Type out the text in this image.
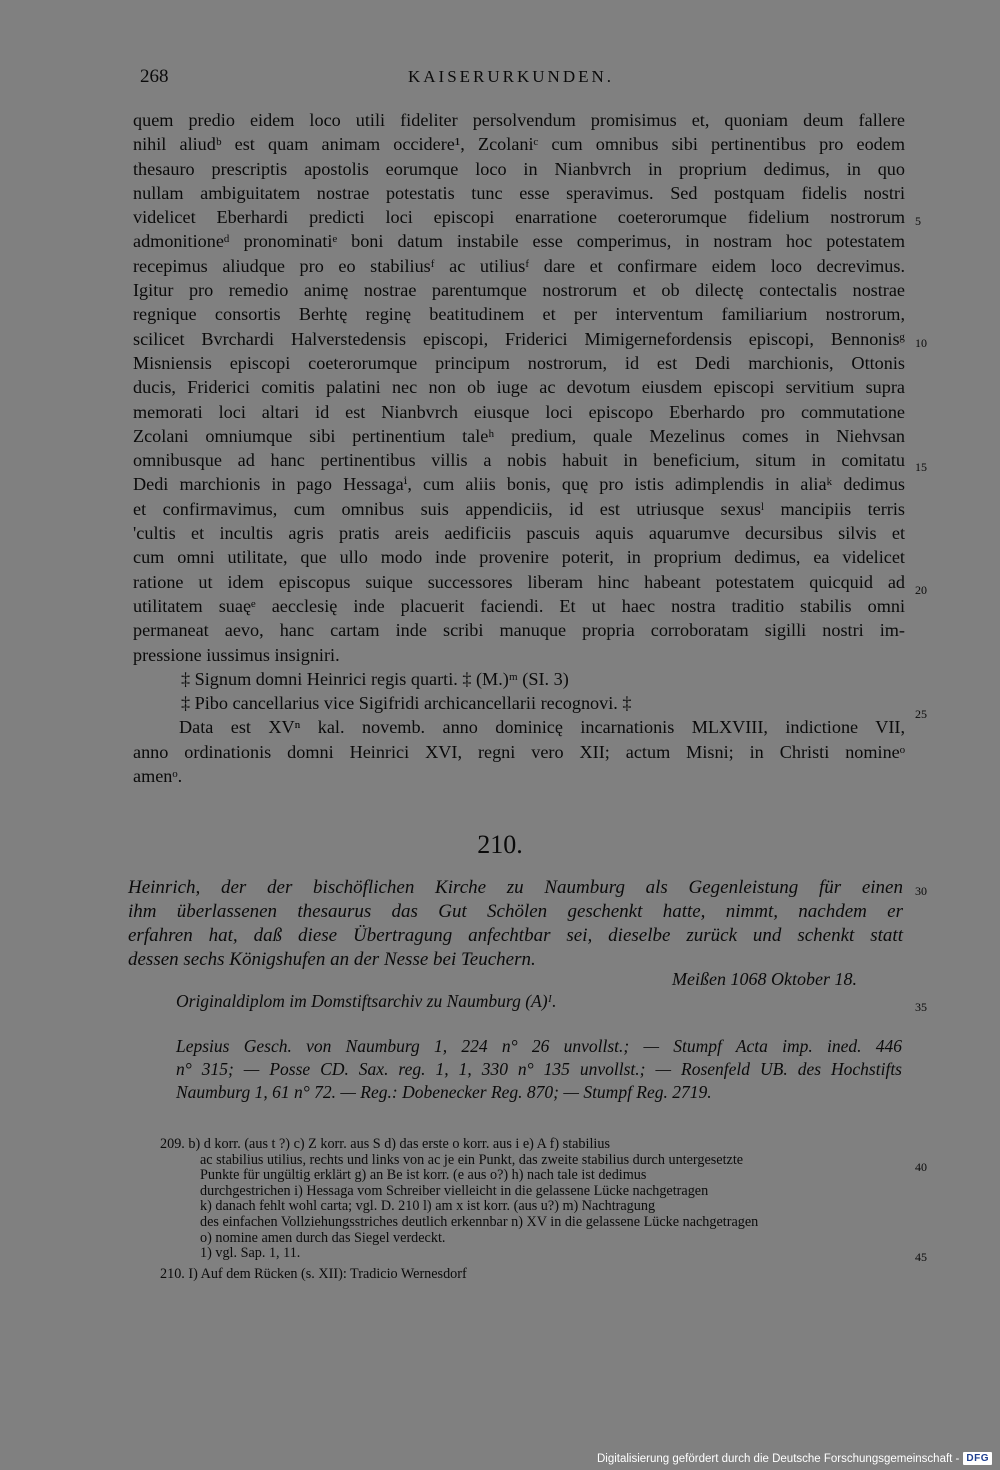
268	KAISERURKUNDEN.
quem predio eidem loco utili fideliter persolvendum promisimus et, quoniam deum fallere
nihil aliudᵇ est quam animam occidere¹, Zcolaniᶜ cum omnibus sibi pertinentibus pro eodem
thesauro prescriptis apostolis eorumque loco in Nianbvrch in proprium dedimus, in quo
nullam ambiguitatem nostrae potestatis tunc esse speravimus. Sed postquam fidelis nostri
videlicet Eberhardi predicti loci episcopi enarratione coeterorumque fidelium nostrorum
admonitioneᵈ pronominatiᵉ boni datum instabile esse comperimus, in nostram hoc potestatem
recepimus aliudque pro eo stabiliusᶠ ac utiliusᶠ dare et confirmare eidem loco decrevimus.
Igitur pro remedio animę nostrae parentumque nostrorum et ob dilectę contectalis nostrae
regnique consortis Berhtę reginę beatitudinem et per interventum familiarium nostrorum,
scilicet Bvrchardi Halverstedensis episcopi, Friderici Mimigernefordensis episcopi, Bennonisᵍ
Misniensis episcopi coeterorumque principum nostrorum, id est Dedi marchionis, Ottonis
ducis, Friderici comitis palatini nec non ob iuge ac devotum eiusdem episcopi servitium supra
memorati loci altari id est Nianbvrch eiusque loci episcopo Eberhardo pro commutatione
Zcolani omniumque sibi pertinentium taleʰ predium, quale Mezelinus comes in Niehvsan
omnibusque ad hanc pertinentibus villis a nobis habuit in beneficium, situm in comitatu
Dedi marchionis in pago Hessagaⁱ, cum aliis bonis, quę pro istis adimplendis in aliaᵏ dedimus
et confirmavimus, cum omnibus suis appendiciis, id est utriusque sexusˡ mancipiis terris
'cultis et incultis agris pratis areis aedificiis pascuis aquis aquarumve decursibus silvis et
cum omni utilitate, que ullo modo inde provenire poterit, in proprium dedimus, ea videlicet
ratione ut idem episcopus suique successores liberam hinc habeant potestatem quicquid ad
utilitatem suaęᵉ aecclesię inde placuerit faciendi. Et ut haec nostra traditio stabilis omni
permaneat aevo, hanc cartam inde scribi manuque propria corroboratam sigilli nostri im-
pressione iussimus insigniri.
‡ Signum domni Heinrici regis quarti. ‡ (M.)ᵐ (SI. 3)
‡ Pibo cancellarius vice Sigifridi archicancellarii recognovi. ‡
Data est XVⁿ kal. novemb. anno dominicę incarnationis MLXVIII, indictione VII,
anno ordinationis domni Heinrici XVI, regni vero XII; actum Misni; in Christi nomineᵒ
amenᵒ.
5
10
15
20
25
30
35
40
45
210.
Heinrich, der der bischöflichen Kirche zu Naumburg als Gegenleistung für einen
ihm überlassenen thesaurus das Gut Schölen geschenkt hatte, nimmt, nachdem er
erfahren hat, daß diese Übertragung anfechtbar sei, dieselbe zurück und schenkt statt
dessen sechs Königshufen an der Nesse bei Teuchern.
Meißen 1068 Oktober 18.
Originaldiplom im Domstiftsarchiv zu Naumburg (A)ᴵ.
Lepsius Gesch. von Naumburg 1, 224 n° 26 unvollst.; — Stumpf Acta imp. ined. 446
n° 315; — Posse CD. Sax. reg. 1, 1, 330 n° 135 unvollst.; — Rosenfeld UB. des Hochstifts
Naumburg 1, 61 n° 72. — Reg.: Dobenecker Reg. 870; — Stumpf Reg. 2719.
209. b) d korr. (aus t ?) c) Z korr. aus S d) das erste o korr. aus i e) A f) stabilius
ac stabilius utilius, rechts und links von ac je ein Punkt, das zweite stabilius durch untergesetzte
Punkte für ungültig erklärt g) an Be ist korr. (e aus o?) h) nach tale ist dedimus
durchgestrichen i) Hessaga vom Schreiber vielleicht in die gelassene Lücke nachgetragen
k) danach fehlt wohl carta; vgl. D. 210 l) am x ist korr. (aus u?) m) Nachtragung
des einfachen Vollziehungsstriches deutlich erkennbar n) XV in die gelassene Lücke nachgetragen
o) nomine amen durch das Siegel verdeckt.
1) vgl. Sap. 1, 11.
210. I) Auf dem Rücken (s. XII): Tradicio Wernesdorf
Digitalisierung gefördert durch die Deutsche Forschungsgemeinschaft - DFG
